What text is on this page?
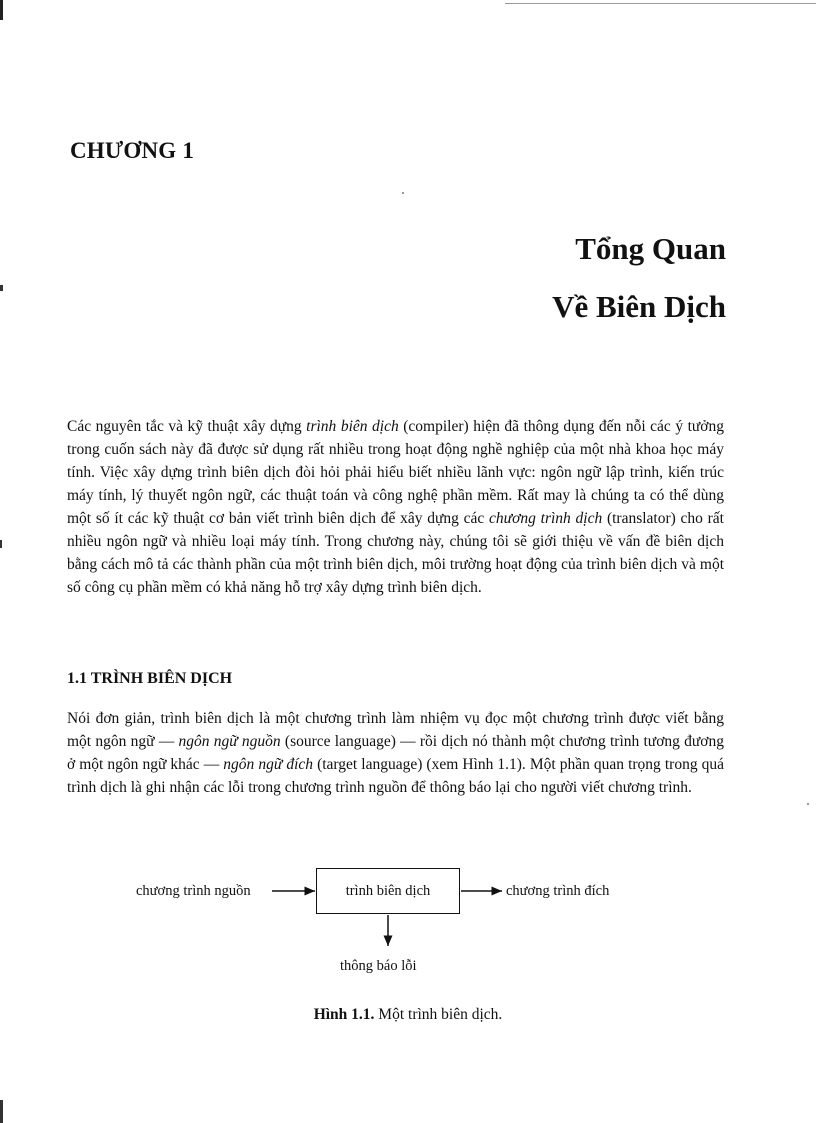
CHƯƠNG 1
Tổng Quan
Về Biên Dịch

Các nguyên tắc và kỹ thuật xây dựng trình biên dịch (compiler) hiện đã thông dụng đến nỗi các ý tưởng trong cuốn sách này đã được sử dụng rất nhiều trong hoạt động nghề nghiệp của một nhà khoa học máy tính. Việc xây dựng trình biên dịch đòi hỏi phải hiểu biết nhiều lãnh vực: ngôn ngữ lập trình, kiến trúc máy tính, lý thuyết ngôn ngữ, các thuật toán và công nghệ phần mềm. Rất may là chúng ta có thể dùng một số ít các kỹ thuật cơ bản viết trình biên dịch để xây dựng các chương trình dịch (translator) cho rất nhiều ngôn ngữ và nhiều loại máy tính. Trong chương này, chúng tôi sẽ giới thiệu về vấn đề biên dịch bằng cách mô tả các thành phần của một trình biên dịch, môi trường hoạt động của trình biên dịch và một số công cụ phần mềm có khả năng hỗ trợ xây dựng trình biên dịch.

1.1 TRÌNH BIÊN DỊCH

Nói đơn giản, trình biên dịch là một chương trình làm nhiệm vụ đọc một chương trình được viết bằng một ngôn ngữ — ngôn ngữ nguồn (source language) — rồi dịch nó thành một chương trình tương đương ở một ngôn ngữ khác — ngôn ngữ đích (target language) (xem Hình 1.1). Một phần quan trọng trong quá trình dịch là ghi nhận các lỗi trong chương trình nguồn để thông báo lại cho người viết chương trình.

chương trình nguồn	trình biên dịch	chương trình đích
thông báo lỗi

Hình 1.1. Một trình biên dịch.
